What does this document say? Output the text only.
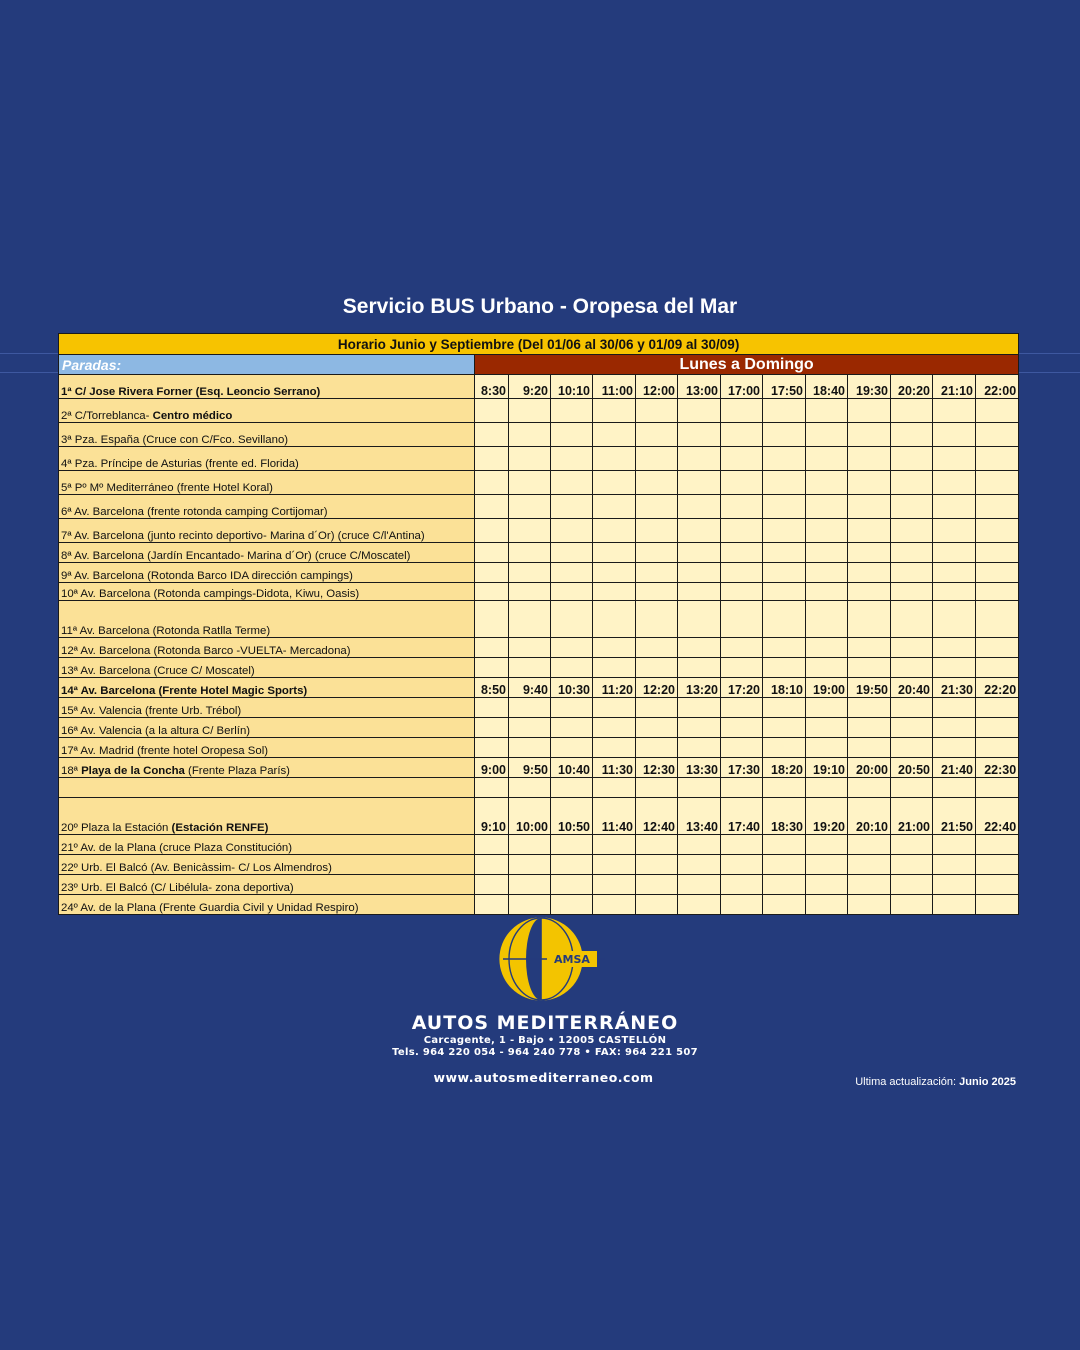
Servicio BUS Urbano - Oropesa del Mar
Horario Junio y Septiembre (Del 01/06 al 30/06 y 01/09 al 30/09)													
Paradas:	Lunes a Domingo												
1ª C/ Jose Rivera Forner (Esq. Leoncio Serrano)	8:30	9:20	10:10	11:00	12:00	13:00	17:00	17:50	18:40	19:30	20:20	21:10	22:00
2ª C/Torreblanca- Centro médico													
3ª Pza. España (Cruce con C/Fco. Sevillano)													
4ª Pza. Príncipe de Asturias (frente ed. Florida)													
5ª Pº Mº Mediterráneo (frente Hotel Koral)													
6ª Av. Barcelona (frente rotonda camping Cortijomar)													
7ª Av. Barcelona (junto recinto deportivo- Marina d´Or) (cruce C/l'Antina)													
8ª Av. Barcelona (Jardín Encantado- Marina d´Or) (cruce C/Moscatel)													
9ª Av. Barcelona (Rotonda Barco IDA dirección campings)													
10ª Av. Barcelona (Rotonda campings-Didota, Kiwu, Oasis)													
11ª Av. Barcelona (Rotonda Ratlla Terme)													
12ª Av. Barcelona (Rotonda Barco -VUELTA- Mercadona)													
13ª Av. Barcelona (Cruce C/ Moscatel)													
14ª Av. Barcelona (Frente Hotel Magic Sports)	8:50	9:40	10:30	11:20	12:20	13:20	17:20	18:10	19:00	19:50	20:40	21:30	22:20
15ª Av. Valencia (frente Urb. Trébol)													
16ª Av. Valencia (a la altura C/ Berlín)													
17ª Av. Madrid (frente hotel Oropesa Sol)													
18ª Playa de la Concha (Frente Plaza París)	9:00	9:50	10:40	11:30	12:30	13:30	17:30	18:20	19:10	20:00	20:50	21:40	22:30

20º Plaza la Estación (Estación RENFE)	9:10	10:00	10:50	11:40	12:40	13:40	17:40	18:30	19:20	20:10	21:00	21:50	22:40
21º Av. de la Plana (cruce Plaza Constitución)													
22º Urb. El Balcó (Av. Benicàssim- C/ Los Almendros)													
23º Urb. El Balcó (C/ Libélula- zona deportiva)													
24º Av. de la Plana (Frente Guardia Civil y Unidad Respiro)													
AMSA
AUTOS MEDITERRÁNEO
Carcagente, 1 - Bajo • 12005 CASTELLÓN
Tels. 964 220 054 - 964 240 778 • FAX: 964 221 507
www.autosmediterraneo.com	Ultima actualización: Junio 2025
